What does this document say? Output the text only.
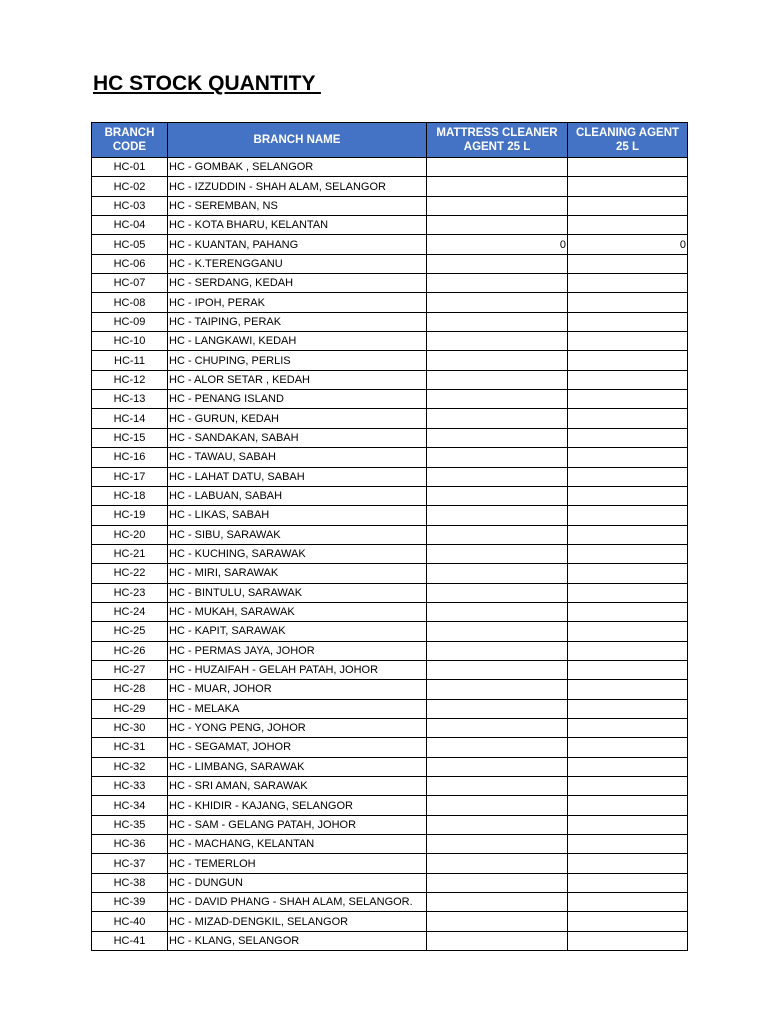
HC STOCK QUANTITY
BRANCH CODE	BRANCH NAME	MATTRESS CLEANER AGENT 25 L	CLEANING AGENT 25 L
HC-01	HC - GOMBAK , SELANGOR		
HC-02	HC - IZZUDDIN - SHAH ALAM, SELANGOR		
HC-03	HC - SEREMBAN, NS		
HC-04	HC - KOTA BHARU, KELANTAN		
HC-05	HC - KUANTAN, PAHANG	0	0
HC-06	HC - K.TERENGGANU		
HC-07	HC - SERDANG, KEDAH		
HC-08	HC - IPOH, PERAK		
HC-09	HC - TAIPING, PERAK		
HC-10	HC - LANGKAWI, KEDAH		
HC-11	HC - CHUPING, PERLIS		
HC-12	HC - ALOR SETAR , KEDAH		
HC-13	HC - PENANG ISLAND		
HC-14	HC - GURUN, KEDAH		
HC-15	HC - SANDAKAN, SABAH		
HC-16	HC - TAWAU, SABAH		
HC-17	HC - LAHAT DATU, SABAH		
HC-18	HC - LABUAN, SABAH		
HC-19	HC - LIKAS, SABAH		
HC-20	HC - SIBU, SARAWAK		
HC-21	HC - KUCHING, SARAWAK		
HC-22	HC - MIRI, SARAWAK		
HC-23	HC - BINTULU, SARAWAK		
HC-24	HC - MUKAH, SARAWAK		
HC-25	HC - KAPIT, SARAWAK		
HC-26	HC - PERMAS JAYA, JOHOR		
HC-27	HC - HUZAIFAH - GELAH PATAH, JOHOR		
HC-28	HC - MUAR, JOHOR		
HC-29	HC - MELAKA		
HC-30	HC - YONG PENG, JOHOR		
HC-31	HC - SEGAMAT, JOHOR		
HC-32	HC - LIMBANG, SARAWAK		
HC-33	HC - SRI AMAN, SARAWAK		
HC-34	HC - KHIDIR - KAJANG, SELANGOR		
HC-35	HC - SAM - GELANG PATAH, JOHOR		
HC-36	HC - MACHANG, KELANTAN		
HC-37	HC - TEMERLOH		
HC-38	HC - DUNGUN		
HC-39	HC - DAVID PHANG - SHAH ALAM, SELANGOR.		
HC-40	HC - MIZAD-DENGKIL, SELANGOR		
HC-41	HC - KLANG, SELANGOR		
